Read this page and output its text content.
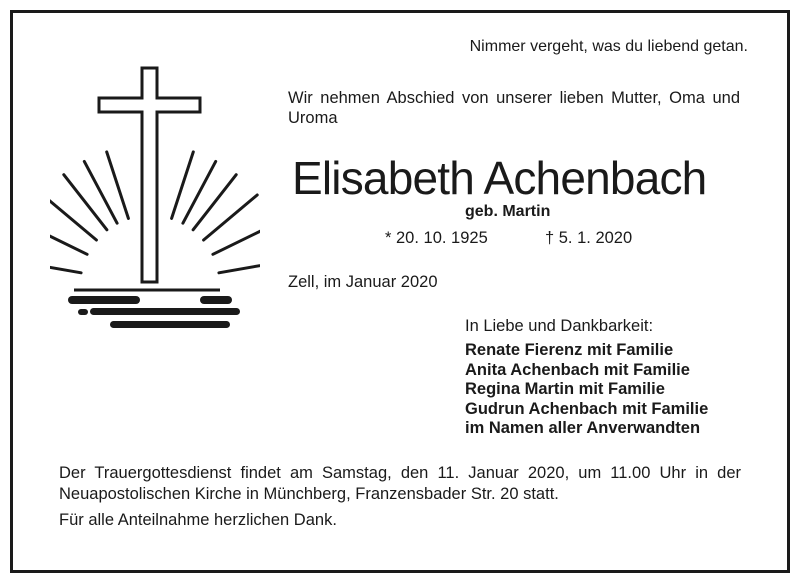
Nimmer vergeht, was du liebend getan.
Wir nehmen Abschied von unserer lieben Mutter, Oma und Uroma
Elisabeth Achenbach
geb. Martin
* 20. 10. 1925	† 5. 1. 2020
Zell, im Januar 2020
In Liebe und Dankbarkeit:
Renate Fierenz mit Familie
Anita Achenbach mit Familie
Regina Martin mit Familie
Gudrun Achenbach mit Familie
im Namen aller Anverwandten
Der Trauergottesdienst findet am Samstag, den 11. Januar 2020, um 11.00 Uhr in der Neuapostolischen Kirche in Münchberg, Franzensbader Str. 20 statt.
Für alle Anteilnahme herzlichen Dank.
